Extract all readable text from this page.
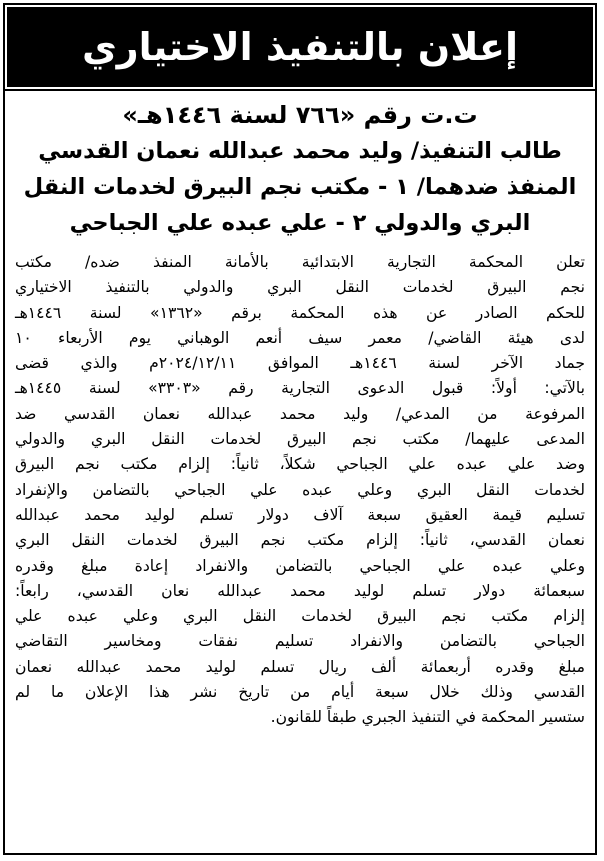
إعلان بالتنفيذ الاختياري
ت.ت رقم «٧٦٦ لسنة ١٤٤٦هـ»
طالب التنفيذ/ وليد محمد عبدالله نعمان القدسي
المنفذ ضدهما/ ١ - مكتب نجم البيرق لخدمات النقل
البري والدولي ٢ - علي عبده علي الجباحي
تعلن المحكمة التجارية الابتدائية بالأمانة المنفذ ضده/ مكتب
نجم البيرق لخدمات النقل البري والدولي بالتنفيذ الاختياري
للحكم الصادر عن هذه المحكمة برقم «١٣٦٢» لسنة ١٤٤٦هـ
لدى هيئة القاضي/ معمر سيف أنعم الوهباني يوم الأربعاء ١٠
جماد الآخر لسنة ١٤٤٦هـ الموافق ٢٠٢٤/١٢/١١م والذي قضى
بالآتي: أولاً: قبول الدعوى التجارية رقم «٣٣٠٣» لسنة ١٤٤٥هـ
المرفوعة من المدعي/ وليد محمد عبدالله نعمان القدسي ضد
المدعى عليهما/ مكتب نجم البيرق لخدمات النقل البري والدولي
وضد علي عبده علي الجباحي شكلاً، ثانياً: إلزام مكتب نجم البيرق
لخدمات النقل البري وعلي عبده علي الجباحي بالتضامن والإنفراد
تسليم قيمة العقيق سبعة آلاف دولار تسلم لوليد محمد عبدالله
نعمان القدسي، ثانياً: إلزام مكتب نجم البيرق لخدمات النقل البري
وعلي عبده علي الجباحي بالتضامن والانفراد إعادة مبلغ وقدره
سبعمائة دولار تسلم لوليد محمد عبدالله نعان القدسي، رابعاً:
إلزام مكتب نجم البيرق لخدمات النقل البري وعلي عبده علي
الجباحي بالتضامن والانفراد تسليم نفقات ومخاسير التقاضي
مبلغ وقدره أربعمائة ألف ريال تسلم لوليد محمد عبدالله نعمان
القدسي وذلك خلال سبعة أيام من تاريخ نشر هذا الإعلان ما لم
ستسير المحكمة في التنفيذ الجبري طبقاً للقانون.
